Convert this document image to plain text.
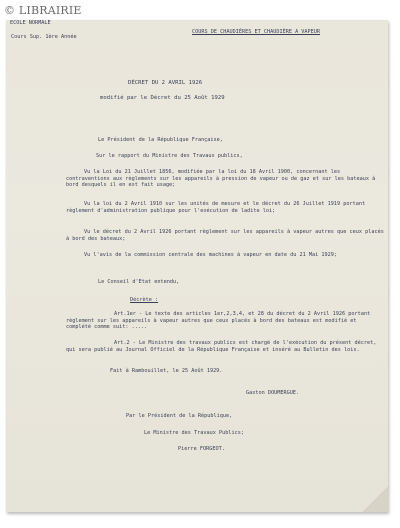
© LIBRAIRIE
ECOLE NORMALE
Cours Sup. 1ère Année
COURS DE CHAUDIÈRES ET CHAUDIÈRE A VAPEUR
DÉCRET DU 2 AVRIL 1926
modifié par le Décret du 25 Août 1929
Le Président de la République Française,
Sur le rapport du Ministre des Travaux publics,
Vu la Loi du 21 Juillet 1856, modifiée par la loi du 18 Avril 1900, concernant les contraventions aux règlements sur les appareils à pression de vapeur ou de gaz et sur les bateaux à bord desquels il en est fait usage;
Vu la loi du 2 Avril 1910 sur les unités de mesure et le décret du 26 Juillet 1919 portant règlement d'administration publique pour l'exécution de ladite loi;
Vu le décret du 2 Avril 1926 portant règlement sur les appareils à vapeur autres que ceux placés à bord des bateaux;
Vu l'avis de la commission centrale des machines à vapeur en date du 21 Mai 1929;
Le Conseil d'Etat entendu,
Décrète :
Art.1er - Le texte des articles 1er,2,3,4, et 28 du décret du 2 Avril 1926 portant règlement sur les appareils à vapeur autres que ceux placés à bord des bateaux est modifié et complété comme suit: .....
Art.2 - Le Ministre des travaux publics est chargé de l'exécution du présent décret, qui sera publié au Journal Officiel de la République Française et inséré au Bulletin des lois.
Fait à Rambouillet, le 25 Août 1929.
Gaston DOUMERGUE.
Par le Président de la République,
Le Ministre des Travaux Publics;
Pierre FORGEOT.
